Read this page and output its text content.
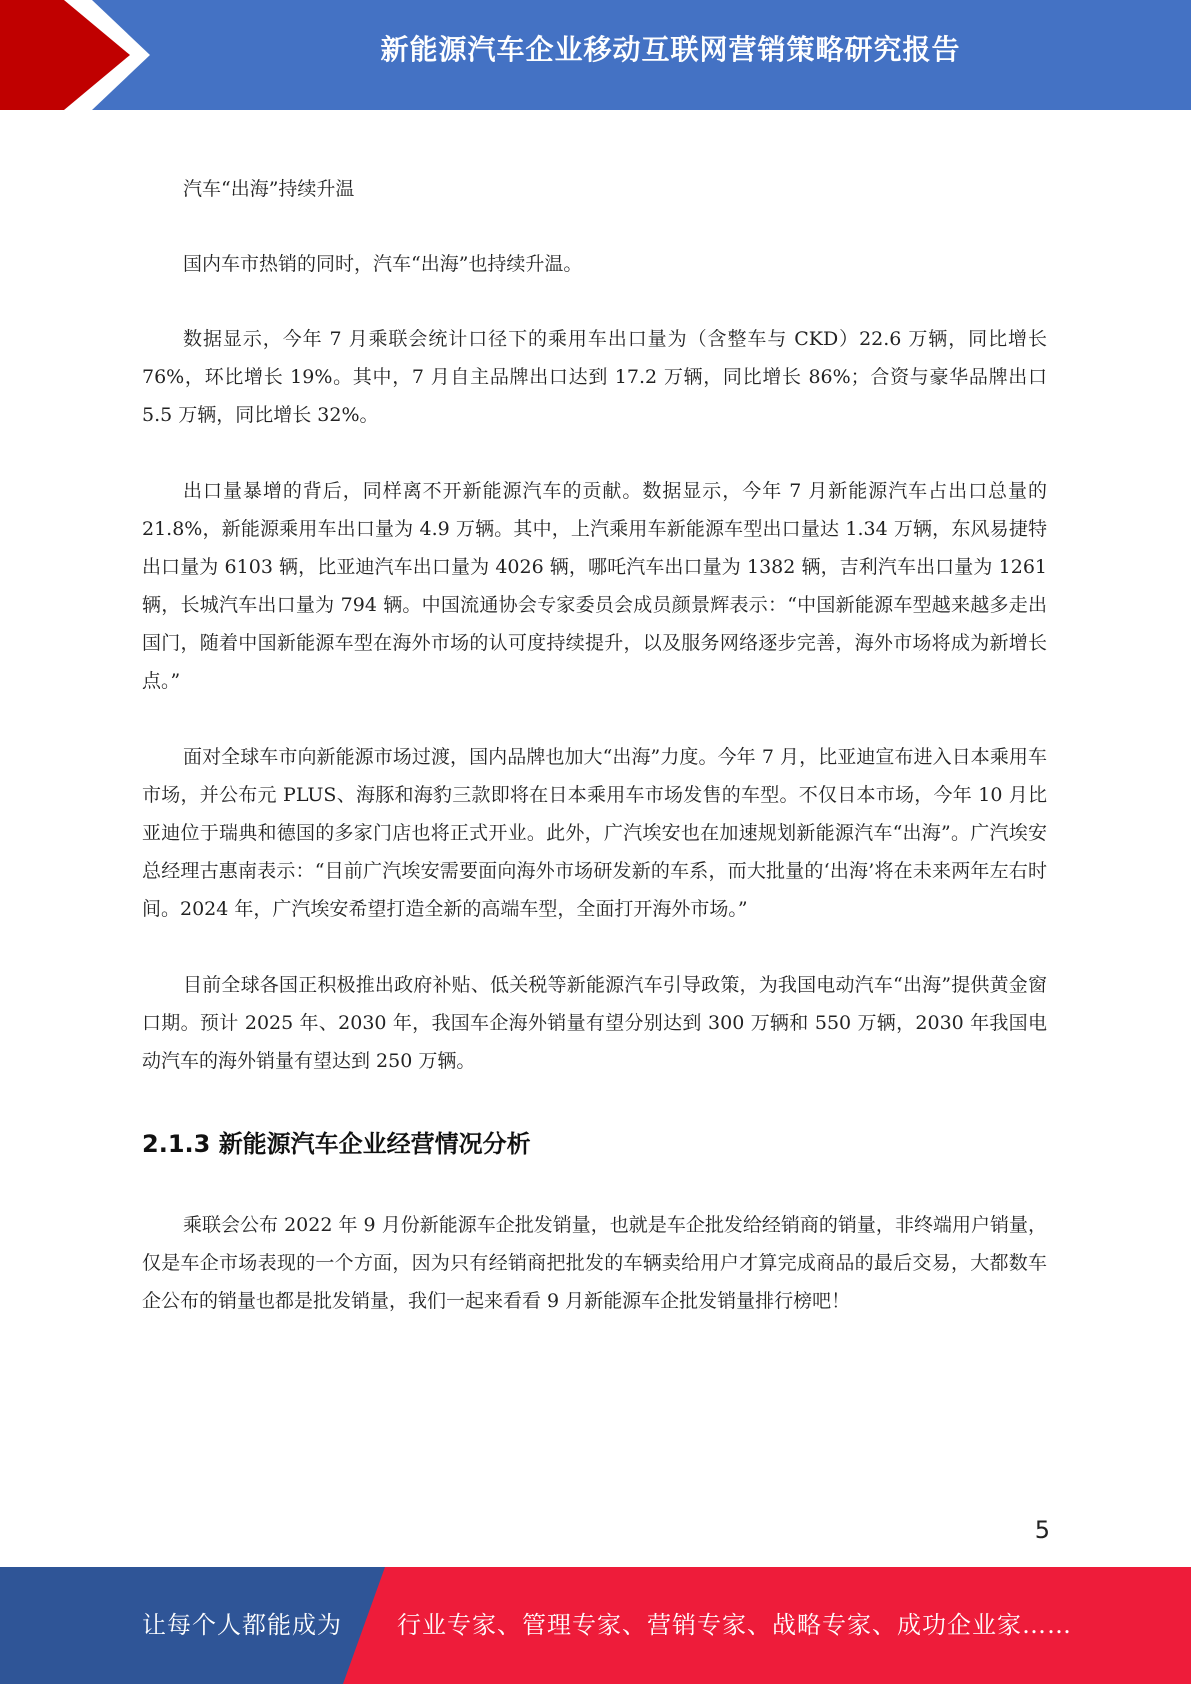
新能源汽车企业移动互联网营销策略研究报告

汽车“出海”持续升温

国内车市热销的同时，汽车“出海”也持续升温。

数据显示，今年 7 月乘联会统计口径下的乘用车出口量为（含整车与 CKD）22.6 万辆，同比增长 76%，环比增长 19%。其中，7 月自主品牌出口达到 17.2 万辆，同比增长 86%；合资与豪华品牌出口 5.5 万辆，同比增长 32%。

出口量暴增的背后，同样离不开新能源汽车的贡献。数据显示，今年 7 月新能源汽车占出口总量的 21.8%，新能源乘用车出口量为 4.9 万辆。其中，上汽乘用车新能源车型出口量达 1.34 万辆，东风易捷特出口量为 6103 辆，比亚迪汽车出口量为 4026 辆，哪吒汽车出口量为 1382 辆，吉利汽车出口量为 1261 辆，长城汽车出口量为 794 辆。中国流通协会专家委员会成员颜景辉表示：“中国新能源车型越来越多走出国门，随着中国新能源车型在海外市场的认可度持续提升，以及服务网络逐步完善，海外市场将成为新增长点。”

面对全球车市向新能源市场过渡，国内品牌也加大“出海”力度。今年 7 月，比亚迪宣布进入日本乘用车市场，并公布元 PLUS、海豚和海豹三款即将在日本乘用车市场发售的车型。不仅日本市场，今年 10 月比亚迪位于瑞典和德国的多家门店也将正式开业。此外，广汽埃安也在加速规划新能源汽车“出海”。广汽埃安总经理古惠南表示：“目前广汽埃安需要面向海外市场研发新的车系，而大批量的‘出海’将在未来两年左右时间。2024 年，广汽埃安希望打造全新的高端车型，全面打开海外市场。”

目前全球各国正积极推出政府补贴、低关税等新能源汽车引导政策，为我国电动汽车“出海”提供黄金窗口期。预计 2025 年、2030 年，我国车企海外销量有望分别达到 300 万辆和 550 万辆，2030 年我国电动汽车的海外销量有望达到 250 万辆。

2.1.3 新能源汽车企业经营情况分析

乘联会公布 2022 年 9 月份新能源车企批发销量，也就是车企批发给经销商的销量，非终端用户销量，仅是车企市场表现的一个方面，因为只有经销商把批发的车辆卖给用户才算完成商品的最后交易，大都数车企公布的销量也都是批发销量，我们一起来看看 9 月新能源车企批发销量排行榜吧！

5
让每个人都能成为 行业专家、管理专家、营销专家、战略专家、成功企业家……
